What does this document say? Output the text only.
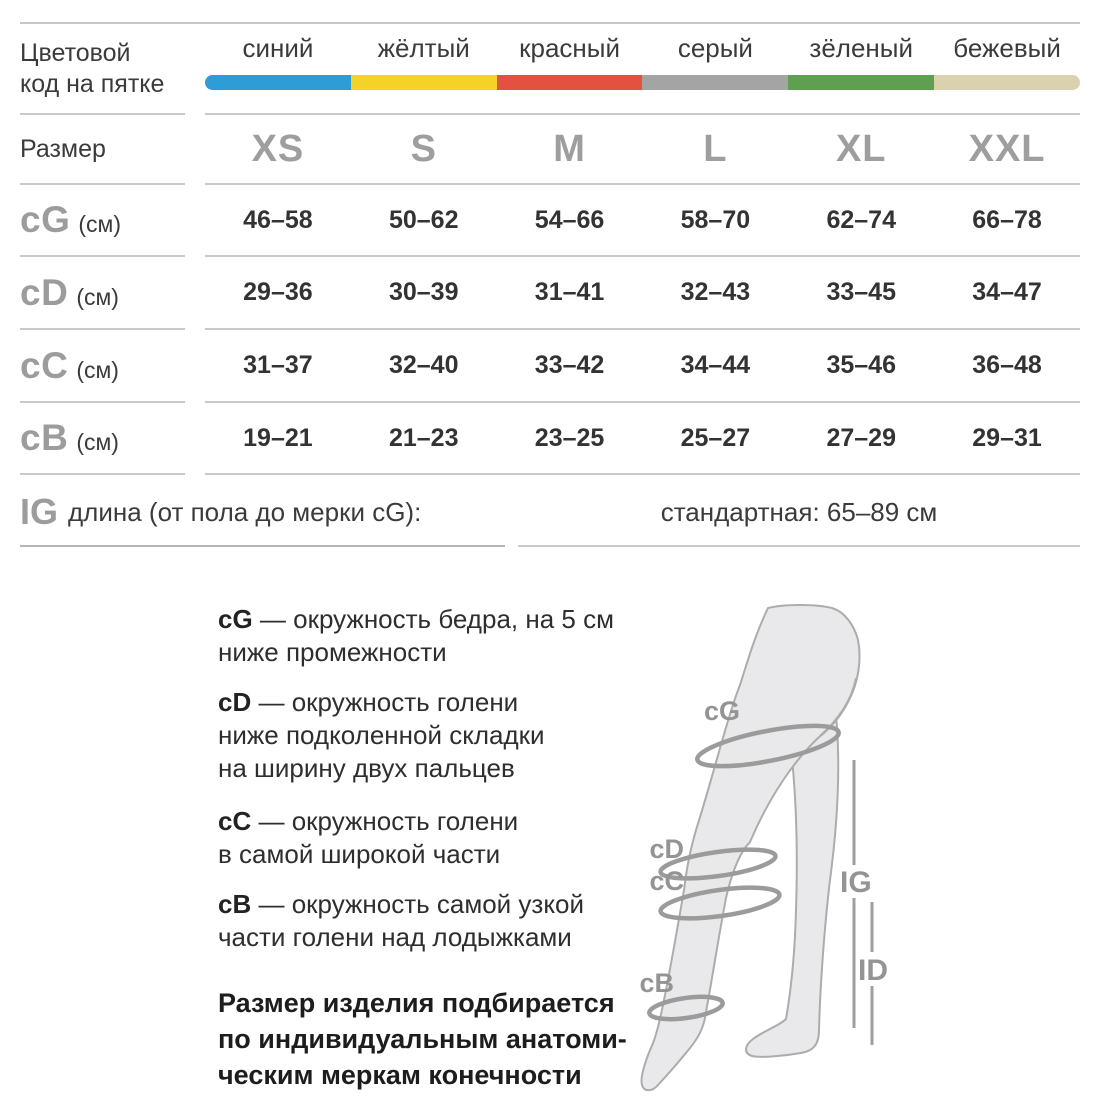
Цветовой
код на пятке
синий	жёлтый	красный	серый	зёленый	бежевый
Размер	XS	S	M	L	XL	XXL
cG (см)	46–58	50–62	54–66	58–70	62–74	66–78
cD (см)	29–36	30–39	31–41	32–43	33–45	34–47
cC (см)	31–37	32–40	33–42	34–44	35–46	36–48
cB (см)	19–21	21–23	23–25	25–27	27–29	29–31
IG длина (от пола до мерки cG):	стандартная: 65–89 см

cG — окружность бедра, на 5 см
ниже промежности

cD — окружность голени
ниже подколенной складки
на ширину двух пальцев

cC — окружность голени
в самой широкой части

cB — окружность самой узкой
части голени над лодыжками

Размер изделия подбирается
по индивидуальным анатоми-
ческим меркам конечности
cG
cD
cC
cB
IG
ID
